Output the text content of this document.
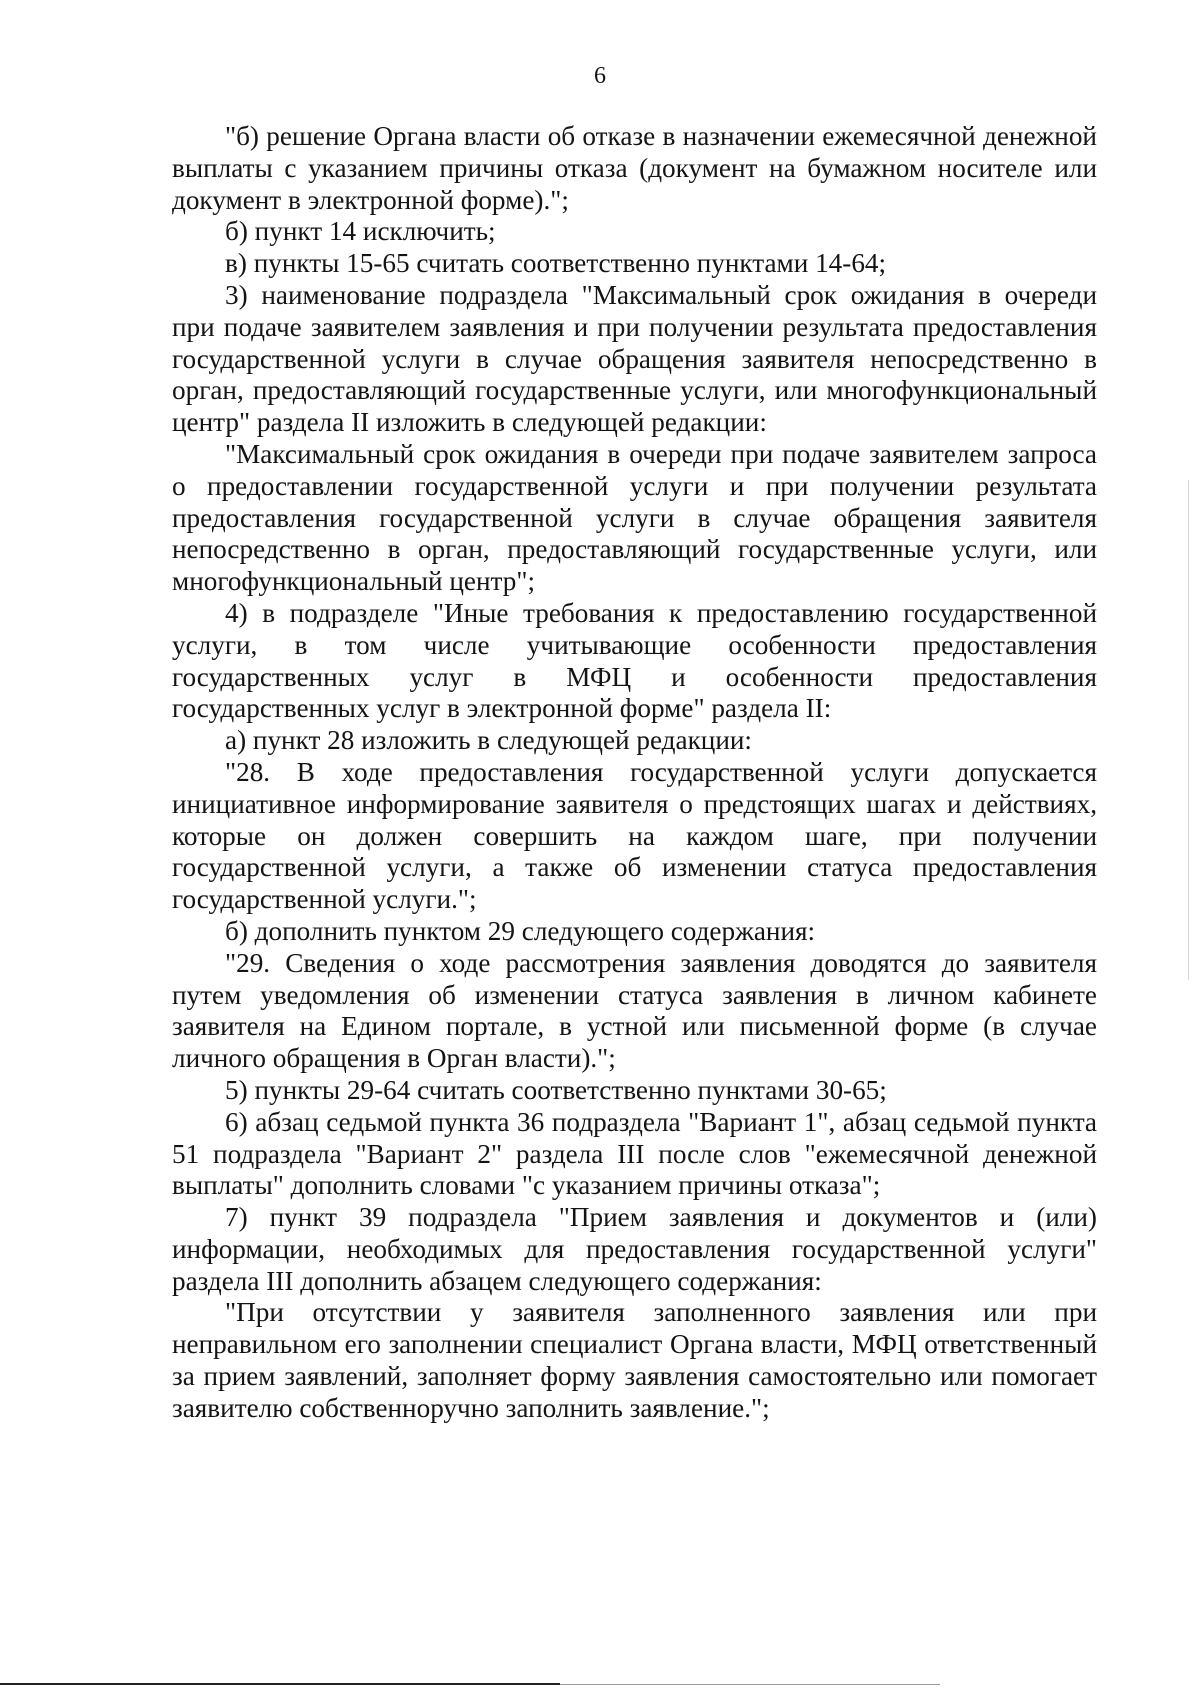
6

"б) решение Органа власти об отказе в назначении ежемесячной денежной выплаты с указанием причины отказа (документ на бумажном носителе или документ в электронной форме).";

б) пункт 14 исключить;

в) пункты 15-65 считать соответственно пунктами 14-64;

3) наименование подраздела "Максимальный срок ожидания в очереди при подаче заявителем заявления и при получении результата предоставления государственной услуги в случае обращения заявителя непосредственно в орган, предоставляющий государственные услуги, или многофункциональный центр" раздела II изложить в следующей редакции:

"Максимальный срок ожидания в очереди при подаче заявителем запроса о предоставлении государственной услуги и при получении результата предоставления государственной услуги в случае обращения заявителя непосредственно в орган, предоставляющий государственные услуги, или многофункциональный центр";

4) в подразделе "Иные требования к предоставлению государственной услуги, в том числе учитывающие особенности предоставления государственных услуг в МФЦ и особенности предоставления государственных услуг в электронной форме" раздела II:

а) пункт 28 изложить в следующей редакции:

"28. В ходе предоставления государственной услуги допускается инициативное информирование заявителя о предстоящих шагах и действиях, которые он должен совершить на каждом шаге, при получении государственной услуги, а также об изменении статуса предоставления государственной услуги.";

б) дополнить пунктом 29 следующего содержания:

"29. Сведения о ходе рассмотрения заявления доводятся до заявителя путем уведомления об изменении статуса заявления в личном кабинете заявителя на Едином портале, в устной или письменной форме (в случае личного обращения в Орган власти).";

5) пункты 29-64 считать соответственно пунктами 30-65;

6) абзац седьмой пункта 36 подраздела "Вариант 1", абзац седьмой пункта 51 подраздела "Вариант 2" раздела III после слов "ежемесячной денежной выплаты" дополнить словами "с указанием причины отказа";

7) пункт 39 подраздела "Прием заявления и документов и (или) информации, необходимых для предоставления государственной услуги" раздела III дополнить абзацем следующего содержания:

"При отсутствии у заявителя заполненного заявления или при неправильном его заполнении специалист Органа власти, МФЦ ответственный за прием заявлений, заполняет форму заявления самостоятельно или помогает заявителю собственноручно заполнить заявление.";
